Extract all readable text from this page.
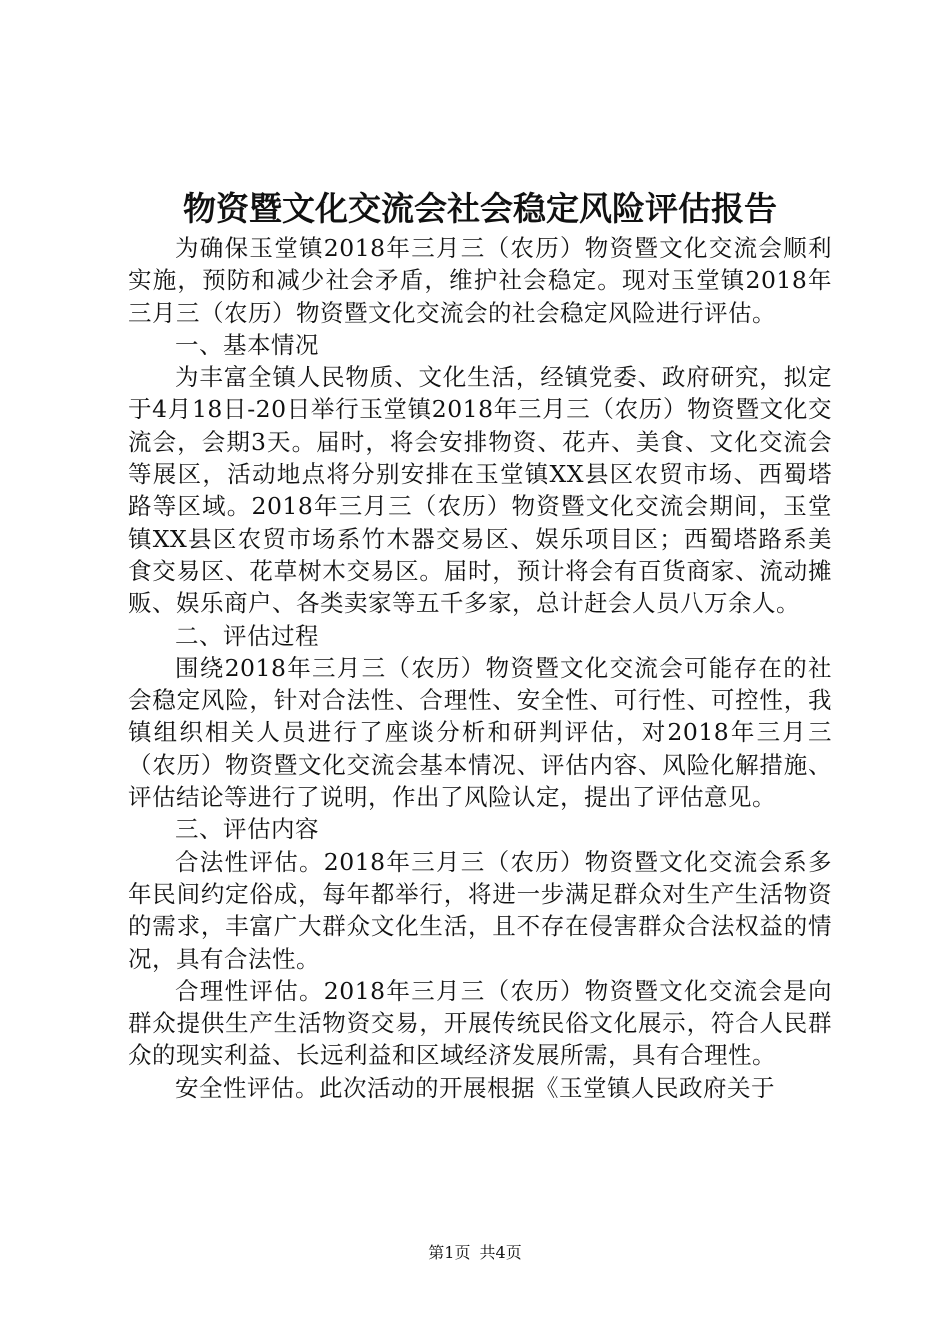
物资暨文化交流会社会稳定风险评估报告

为确保玉堂镇2018年三月三（农历）物资暨文化交流会顺利实施，预防和减少社会矛盾，维护社会稳定。现对玉堂镇2018年三月三（农历）物资暨文化交流会的社会稳定风险进行评估。

一、基本情况

为丰富全镇人民物质、文化生活，经镇党委、政府研究，拟定于4月18日-20日举行玉堂镇2018年三月三（农历）物资暨文化交流会，会期3天。届时，将会安排物资、花卉、美食、文化交流会等展区，活动地点将分别安排在玉堂镇XX县区农贸市场、西蜀塔路等区域。2018年三月三（农历）物资暨文化交流会期间，玉堂镇XX县区农贸市场系竹木器交易区、娱乐项目区；西蜀塔路系美食交易区、花草树木交易区。届时，预计将会有百货商家、流动摊贩、娱乐商户、各类卖家等五千多家，总计赶会人员八万余人。

二、评估过程

围绕2018年三月三（农历）物资暨文化交流会可能存在的社会稳定风险，针对合法性、合理性、安全性、可行性、可控性，我镇组织相关人员进行了座谈分析和研判评估，对2018年三月三（农历）物资暨文化交流会基本情况、评估内容、风险化解措施、评估结论等进行了说明，作出了风险认定，提出了评估意见。

三、评估内容

合法性评估。2018年三月三（农历）物资暨文化交流会系多年民间约定俗成，每年都举行，将进一步满足群众对生产生活物资的需求，丰富广大群众文化生活，且不存在侵害群众合法权益的情况，具有合法性。

合理性评估。2018年三月三（农历）物资暨文化交流会是向群众提供生产生活物资交易，开展传统民俗文化展示，符合人民群众的现实利益、长远利益和区域经济发展所需，具有合理性。

安全性评估。此次活动的开展根据《玉堂镇人民政府关于

第1页 共4页
